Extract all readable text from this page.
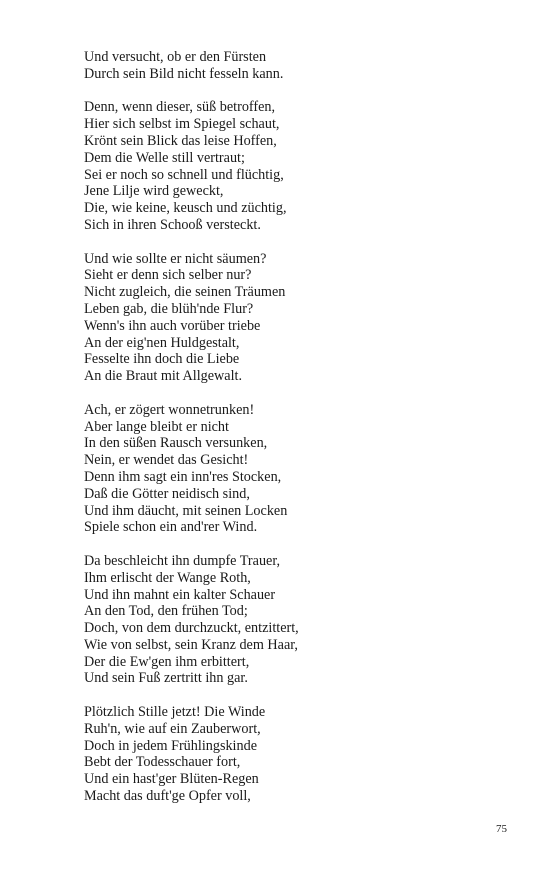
Und versucht, ob er den Fürsten
Durch sein Bild nicht fesseln kann.
Denn, wenn dieser, süß betroffen,
Hier sich selbst im Spiegel schaut,
Krönt sein Blick das leise Hoffen,
Dem die Welle still vertraut;
Sei er noch so schnell und flüchtig,
Jene Lilje wird geweckt,
Die, wie keine, keusch und züchtig,
Sich in ihren Schooß versteckt.
Und wie sollte er nicht säumen?
Sieht er denn sich selber nur?
Nicht zugleich, die seinen Träumen
Leben gab, die blüh'nde Flur?
Wenn's ihn auch vorüber triebe
An der eig'nen Huldgestalt,
Fesselte ihn doch die Liebe
An die Braut mit Allgewalt.
Ach, er zögert wonnetrunken!
Aber lange bleibt er nicht
In den süßen Rausch versunken,
Nein, er wendet das Gesicht!
Denn ihm sagt ein inn'res Stocken,
Daß die Götter neidisch sind,
Und ihm däucht, mit seinen Locken
Spiele schon ein and'rer Wind.
Da beschleicht ihn dumpfe Trauer,
Ihm erlischt der Wange Roth,
Und ihn mahnt ein kalter Schauer
An den Tod, den frühen Tod;
Doch, von dem durchzuckt, entzittert,
Wie von selbst, sein Kranz dem Haar,
Der die Ew'gen ihm erbittert,
Und sein Fuß zertritt ihn gar.
Plötzlich Stille jetzt! Die Winde
Ruh'n, wie auf ein Zauberwort,
Doch in jedem Frühlingskinde
Bebt der Todesschauer fort,
Und ein hast'ger Blüten-Regen
Macht das duft'ge Opfer voll,
75
